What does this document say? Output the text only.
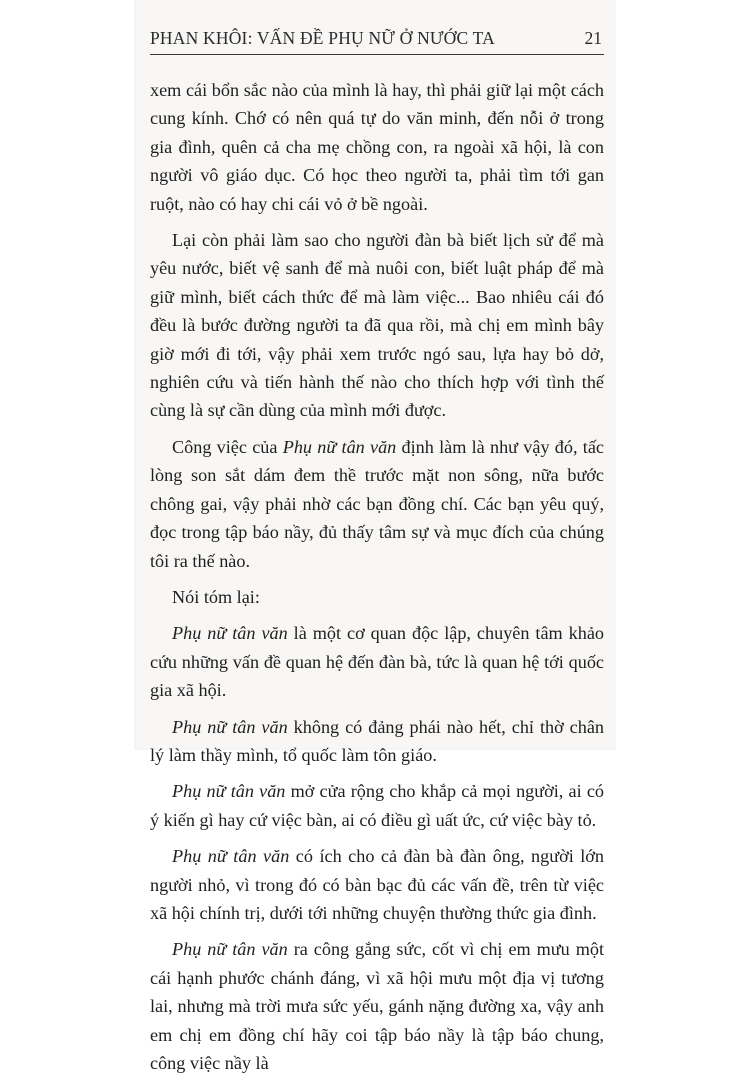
PHAN KHÔI: VẤN ĐỀ PHỤ NỮ Ở NƯỚC TA	21

xem cái bổn sắc nào của mình là hay, thì phải giữ lại một cách cung kính. Chớ có nên quá tự do văn minh, đến nỗi ở trong gia đình, quên cả cha mẹ chồng con, ra ngoài xã hội, là con người vô giáo dục. Có học theo người ta, phải tìm tới gan ruột, nào có hay chi cái vỏ ở bề ngoài.

Lại còn phải làm sao cho người đàn bà biết lịch sử để mà yêu nước, biết vệ sanh để mà nuôi con, biết luật pháp để mà giữ mình, biết cách thức để mà làm việc... Bao nhiêu cái đó đều là bước đường người ta đã qua rồi, mà chị em mình bây giờ mới đi tới, vậy phải xem trước ngó sau, lựa hay bỏ dở, nghiên cứu và tiến hành thế nào cho thích hợp với tình thế cùng là sự cần dùng của mình mới được.

Công việc của Phụ nữ tân văn định làm là như vậy đó, tấc lòng son sắt dám đem thề trước mặt non sông, nữa bước chông gai, vậy phải nhờ các bạn đồng chí. Các bạn yêu quý, đọc trong tập báo nầy, đủ thấy tâm sự và mục đích của chúng tôi ra thế nào.

Nói tóm lại:

Phụ nữ tân văn là một cơ quan độc lập, chuyên tâm khảo cứu những vấn đề quan hệ đến đàn bà, tức là quan hệ tới quốc gia xã hội.

Phụ nữ tân văn không có đảng phái nào hết, chỉ thờ chân lý làm thầy mình, tổ quốc làm tôn giáo.

Phụ nữ tân văn mở cửa rộng cho khắp cả mọi người, ai có ý kiến gì hay cứ việc bàn, ai có điều gì uất ức, cứ việc bày tỏ.

Phụ nữ tân văn có ích cho cả đàn bà đàn ông, người lớn người nhỏ, vì trong đó có bàn bạc đủ các vấn đề, trên từ việc xã hội chính trị, dưới tới những chuyện thường thức gia đình.

Phụ nữ tân văn ra công gắng sức, cốt vì chị em mưu một cái hạnh phước chánh đáng, vì xã hội mưu một địa vị tương lai, nhưng mà trời mưa sức yếu, gánh nặng đường xa, vậy anh em chị em đồng chí hãy coi tập báo nầy là tập báo chung, công việc nầy là
